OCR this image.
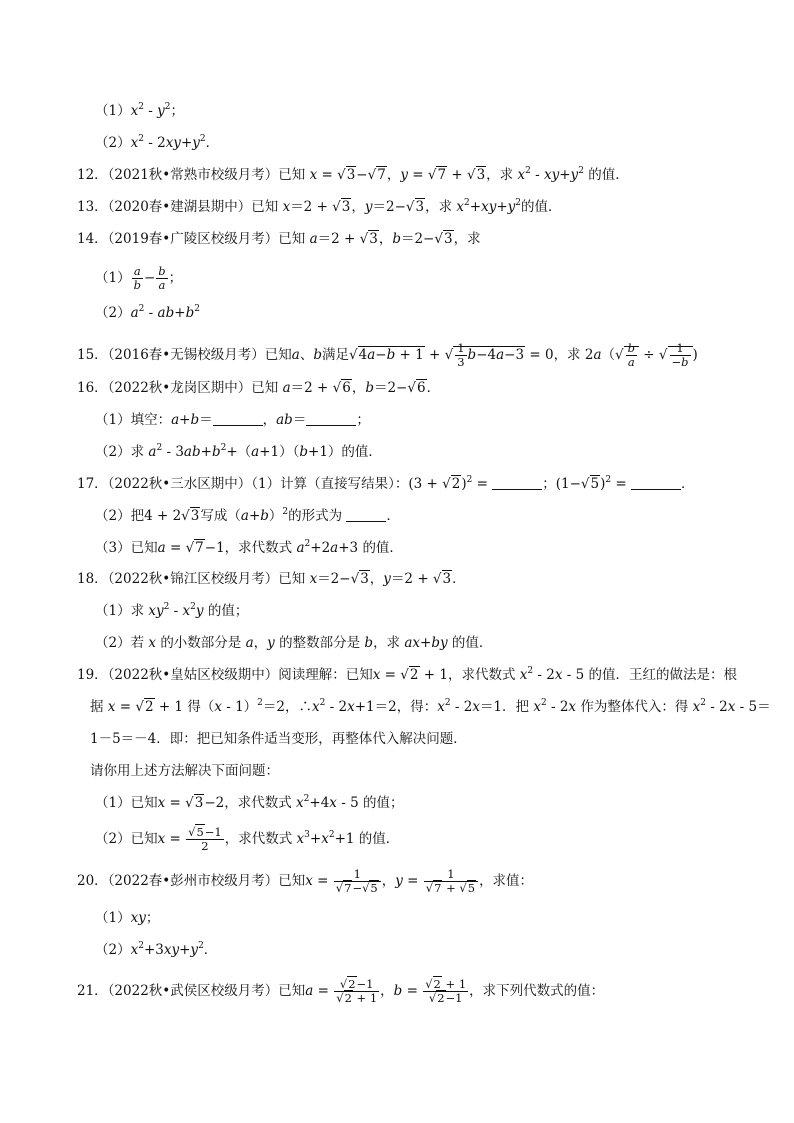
$(1)x^2 - y^2$；
$(2)x^2 - 2xy+y^2$．
12．（2021秋•常熟市校级月考）已知 x = √3−√7，y = √7 + √3，求 $x^2 - xy+y^2$ 的值．
13．（2020春•建湖县期中）已知 x＝2 + √3，y＝2−√3，求 $x^2+xy+y^2$的值．
14．（2019春•广陵区校级月考）已知 a＝2 + √3，b＝2−√3，求
$(1) \frac{a}{b} - \frac{b}{a}$ ；
$(2)a^2 - ab+b^2$
15．（2016春•无锡校级月考）已知a、b满足√4a−b + 1 + √ $\frac{1}{3} b-4a-3 = 0$，求 $2a(√ \frac{b}{a}$ ÷ √ $\frac{1}{-b}$ )
16．（2022秋•龙岗区期中）已知 a＝2 + √6，b＝2−√6．
（1）填空：a+b＝	，ab＝	；
（2）求 $a^2 - 3ab+b^2+(a+1)(b+1)$的值．
17．（2022秋•三水区期中）（1）计算（直接写结果）：$(3 + √2)^2$ =	；$(1-√5)^2$ =	．
（2）把4 + 2√3写成$(a+b)^2$的形式为	．
（3）已知a = √7−1，求代数式 $a^2+2a+3$ 的值．
18．（2022秋•锦江区校级月考）已知 x＝2−√3，y＝2 + √3．
（1）求 $xy^2 - x^2y$ 的值；
（2）若 x 的小数部分是 a，y 的整数部分是 b，求 ax+by 的值．
19．（2022秋•皇姑区校级期中）阅读理解：已知x = √2 + 1，求代数式 $x^2 - 2x - 5$ 的值．王红的做法是：根
据 x = √2 + 1 得（x - 1）$^2$＝2，$\therefore x^2 - 2x+1=2$，得：$x^2 - 2x=1$．把 $x^2 - 2x$ 作为整体代入：得 $x^2 - 2x - 5=$
1－5＝－4．即：把已知条件适当变形，再整体代入解决问题．
请你用上述方法解决下面问题：
（1）已知x = √3−2，求代数式 $x^2+4x - 5$ 的值；
（2）已知$x = \frac{√5-1}{2}$ ，求代数式 $x^3+x^2+1$ 的值．
20．（2022春•彭州市校级月考）已知$x = \frac{1}{√7-√5}$ ，$y = \frac{1}{√7 + √5}$ ，求值：
（1）xy；
$(2)x^2+3xy+y^2$．
21．（2022秋•武侯区校级月考）已知$a = \frac{√2-1}{√2 + 1}$ ，$b = \frac{√2 + 1}{√2-1}$ ，求下列代数式的值：
